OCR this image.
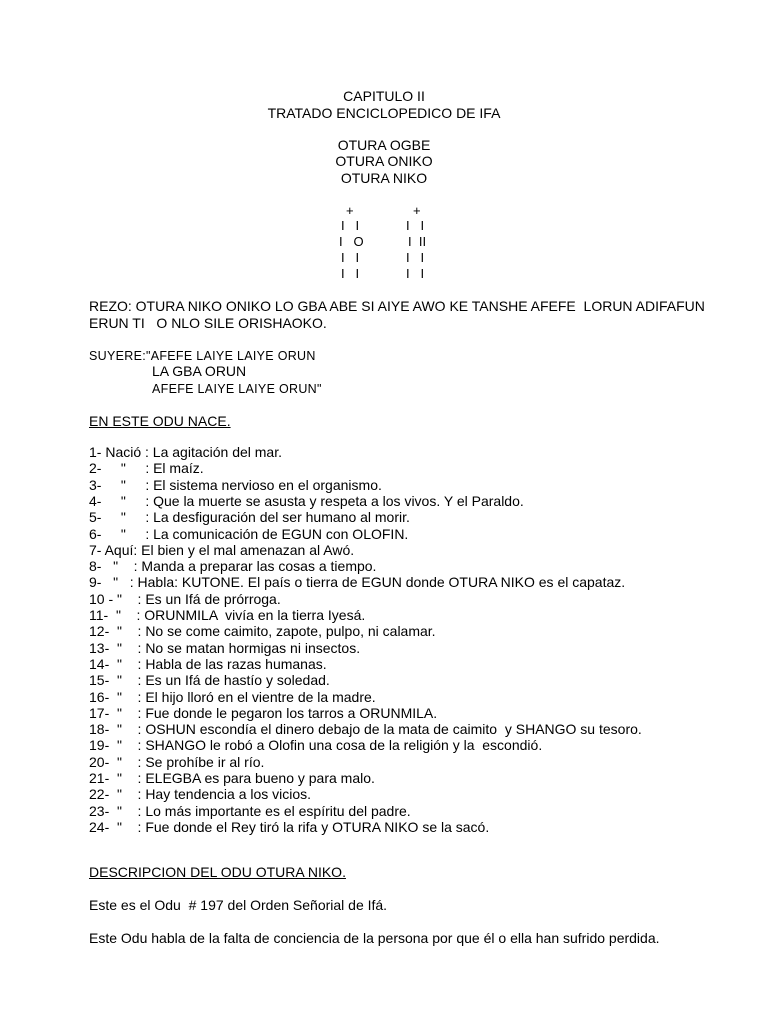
CAPITULO II
TRATADO ENCICLOPEDICO DE IFA
OTURA OGBE
OTURA ONIKO
OTURA NIKO
+
I   I
I   O
I   I
I   I
+
I   I
I  II
I   I
I   I
REZO: OTURA NIKO ONIKO LO GBA ABE SI AIYE AWO KE TANSHE AFEFE  LORUN ADIFAFUN
ERUN TI   O NLO SILE ORISHAOKO.
SUYERE:"AFEFE LAIYE LAIYE ORUN
LA GBA ORUN
AFEFE LAIYE LAIYE ORUN"
EN ESTE ODU NACE.
1- Nació : La agitación del mar.
2-     "     : El maíz.
3-     "     : El sistema nervioso en el organismo.
4-     "     : Que la muerte se asusta y respeta a los vivos. Y el Paraldo.
5-     "     : La desfiguración del ser humano al morir.
6-     "     : La comunicación de EGUN con OLOFIN.
7- Aquí: El bien y el mal amenazan al Awó.
8-   "    : Manda a preparar las cosas a tiempo.
9-   "   : Habla: KUTONE. El país o tierra de EGUN donde OTURA NIKO es el capataz.
10 - "    : Es un Ifá de prórroga.
11-  "    : ORUNMILA  vivía en la tierra Iyesá.
12-  "    : No se come caimito, zapote, pulpo, ni calamar.
13-  "    : No se matan hormigas ni insectos.
14-  "    : Habla de las razas humanas.
15-  "    : Es un Ifá de hastío y soledad.
16-  "    : El hijo lloró en el vientre de la madre.
17-  "    : Fue donde le pegaron los tarros a ORUNMILA.
18-  "    : OSHUN escondía el dinero debajo de la mata de caimito  y SHANGO su tesoro.
19-  "    : SHANGO le robó a Olofin una cosa de la religión y la  escondió.
20-  "    : Se prohíbe ir al río.
21-  "    : ELEGBA es para bueno y para malo.
22-  "    : Hay tendencia a los vicios.
23-  "    : Lo más importante es el espíritu del padre.
24-  "    : Fue donde el Rey tiró la rifa y OTURA NIKO se la sacó.
DESCRIPCION DEL ODU OTURA NIKO.
Este es el Odu  # 197 del Orden Señorial de Ifá.
Este Odu habla de la falta de conciencia de la persona por que él o ella han sufrido perdida.
